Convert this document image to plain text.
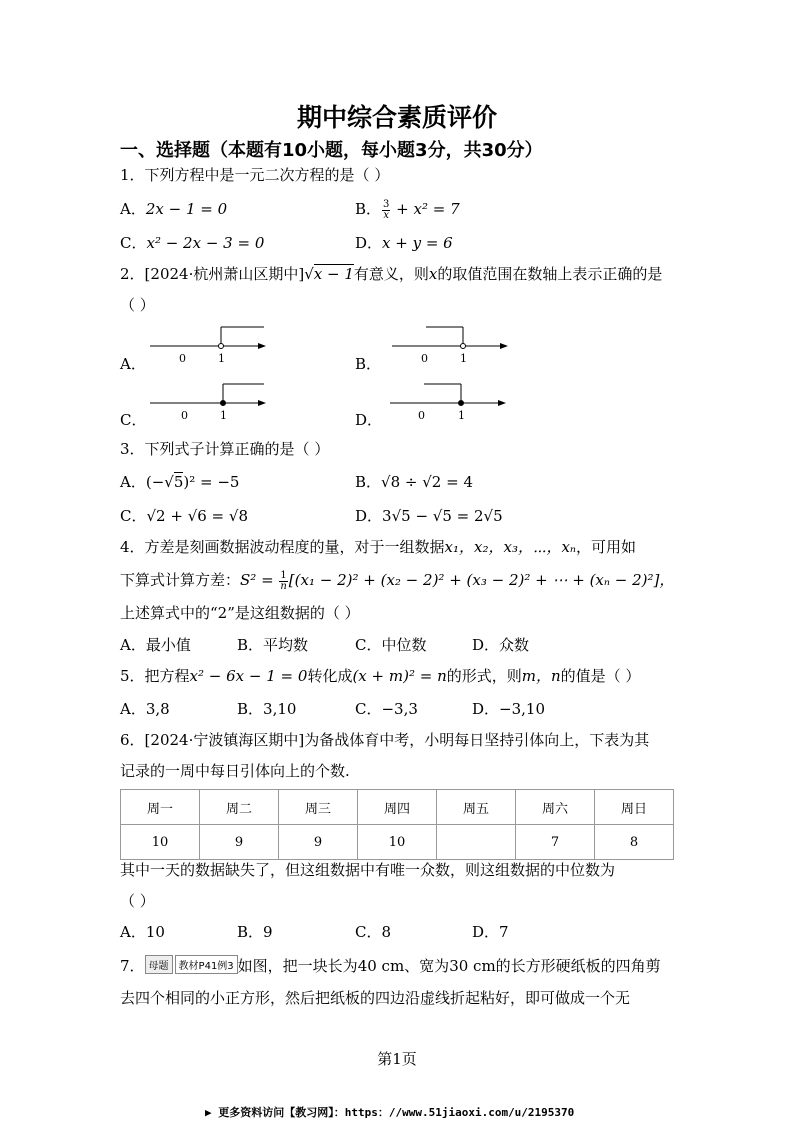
期中综合素质评价
一、选择题（本题有10小题，每小题3分，共30分）
1．下列方程中是一元二次方程的是（ ）
A．2x − 1 = 0	B． $\frac{3}{x} + x^2 = 7$
C．x² − 2x − 3 = 0	D．x + y = 6
2．[2024·杭州萧山区期中]√x − 1有意义，则x的取值范围在数轴上表示正确的是
（ ）
A．	0	1	B．	0	1
C．	0	1	D．	0	1
3．下列式子计算正确的是（ ）
A．(−√5)² = −5	B．√8 ÷ √2 = 4
C．√2 + √6 = √8	D．3√5 − √5 = 2√5
4．方差是刻画数据波动程度的量，对于一组数据x₁，x₂，x₃，⋯，xₙ，可用如
下算式计算方差：$S^2 = \frac{1}{n} [(x_1 - 2)^2 + (x_2 - 2)^2 + (x_3 - 2)^2$ + ⋯ + (xₙ − 2)²]，
上述算式中的“2”是这组数据的（ ）
A．最小值	B．平均数	C．中位数	D．众数
5．把方程x² − 6x − 1 = 0转化成(x + m)² = n的形式，则m，n的值是（ ）
A．3,8	B．3,10	C．−3,3	D．−3,10
6．[2024·宁波镇海区期中]为备战体育中考，小明每日坚持引体向上，下表为其
记录的一周中每日引体向上的个数.
周一	周二	周三	周四	周五	周六	周日
10	9	9	10		7	8
其中一天的数据缺失了，但这组数据中有唯一众数，则这组数据的中位数为
（ ）
A．10	B．9	C．8	D．7
7． 母题 教材P41例3 如图，把一块长为40 cm、宽为30 cm的长方形硬纸板的四角剪
去四个相同的小正方形，然后把纸板的四边沿虚线折起粘好，即可做成一个无
第1页
▶ 更多资料访问【教习网】：https：//www.51jiaoxi.com/u/2195370
